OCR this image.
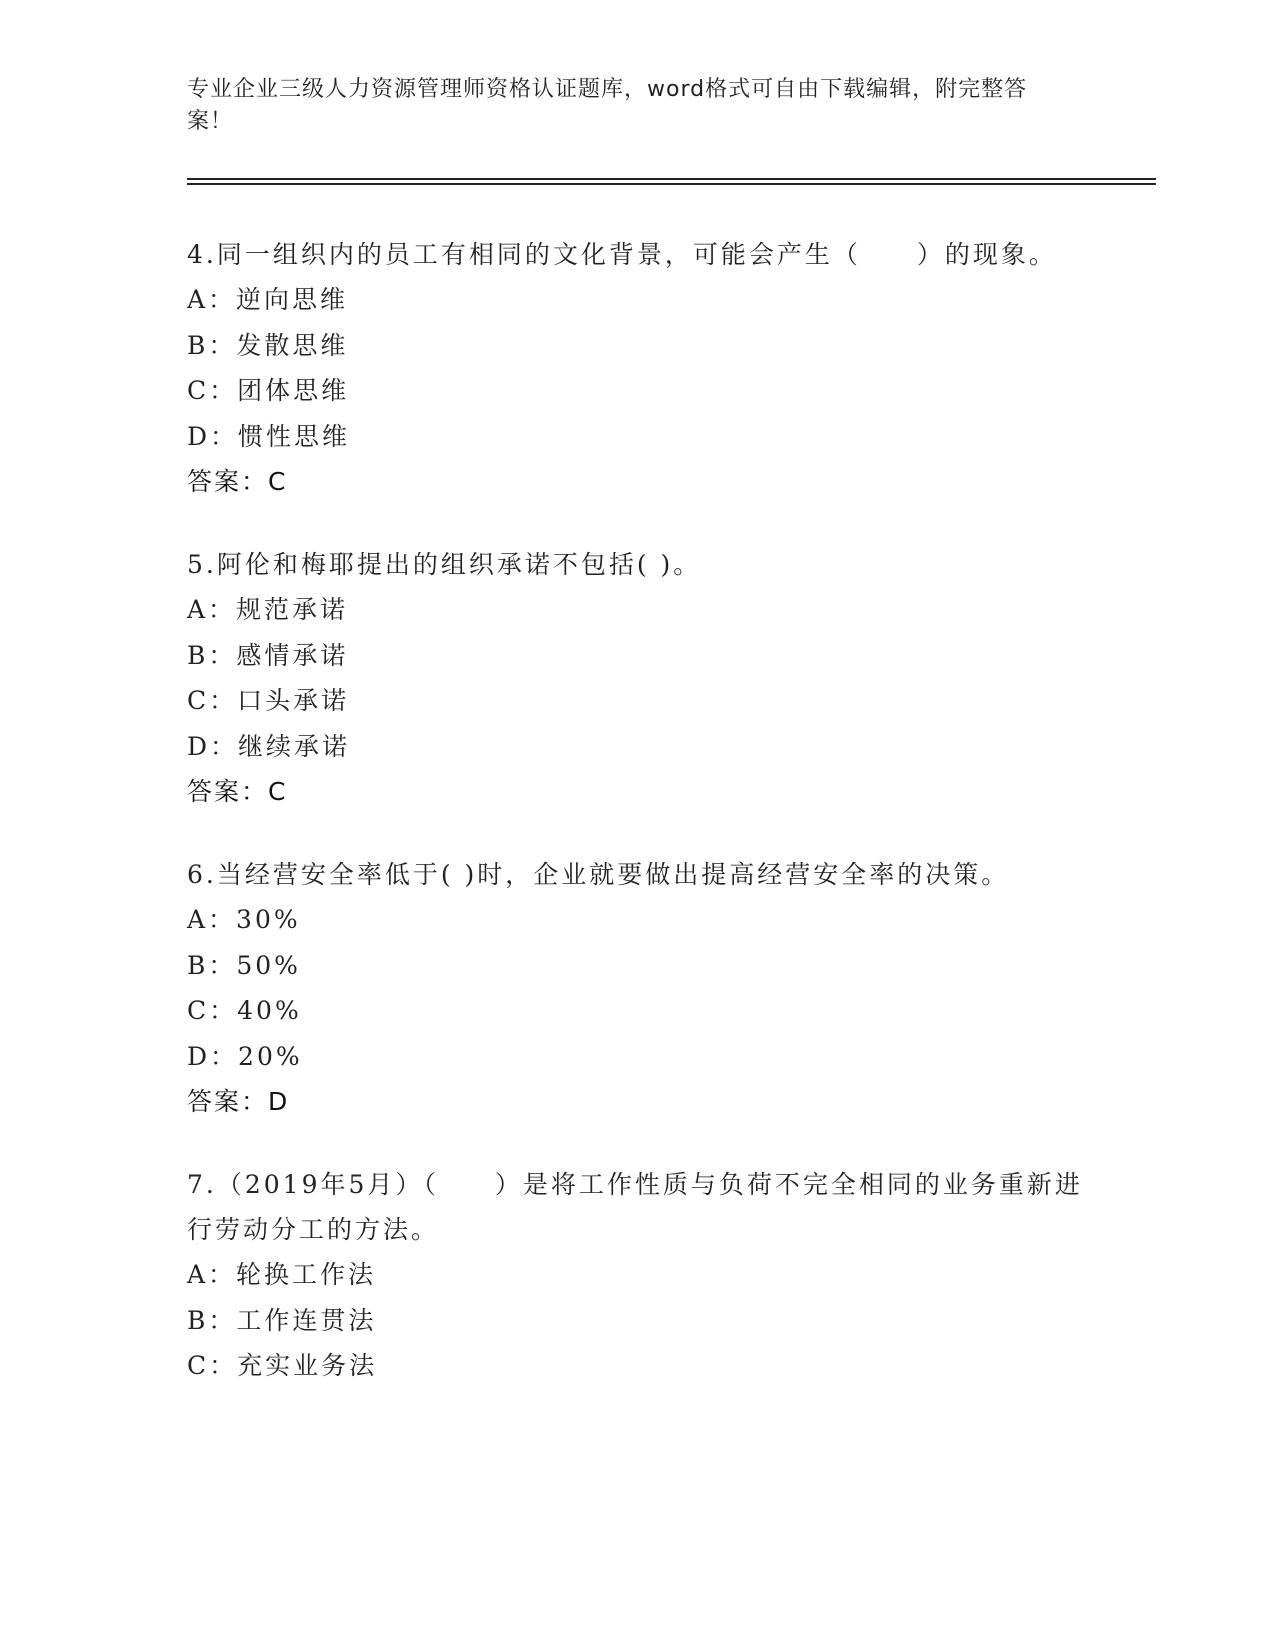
专业企业三级人力资源管理师资格认证题库，word格式可自由下载编辑，附完整答案！
4.同一组织内的员工有相同的文化背景，可能会产生（　　）的现象。
A：逆向思维
B：发散思维
C：团体思维
D：惯性思维
答案：C
5.阿伦和梅耶提出的组织承诺不包括( )。
A：规范承诺
B：感情承诺
C：口头承诺
D：继续承诺
答案：C
6.当经营安全率低于( )时，企业就要做出提高经营安全率的决策。
A：30%
B：50%
C：40%
D：20%
答案：D
7.（2019年5月）（　　）是将工作性质与负荷不完全相同的业务重新进行劳动分工的方法。
A：轮换工作法
B：工作连贯法
C：充实业务法
